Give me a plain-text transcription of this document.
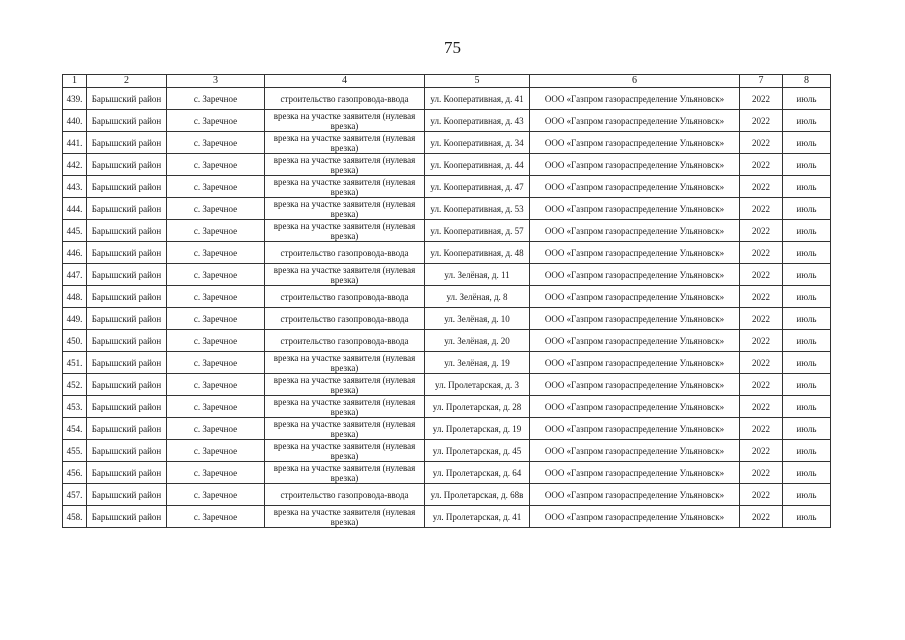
75
1	2	3	4	5	6	7	8
439.	Барышский район	с. Заречное	строительство газопровода-ввода	ул. Кооперативная, д. 41	ООО «Газпром газораспределение Ульяновск»	2022	июль
440.	Барышский район	с. Заречное	врезка на участке заявителя (нулевая врезка)	ул. Кооперативная, д. 43	ООО «Газпром газораспределение Ульяновск»	2022	июль
441.	Барышский район	с. Заречное	врезка на участке заявителя (нулевая врезка)	ул. Кооперативная, д. 34	ООО «Газпром газораспределение Ульяновск»	2022	июль
442.	Барышский район	с. Заречное	врезка на участке заявителя (нулевая врезка)	ул. Кооперативная, д. 44	ООО «Газпром газораспределение Ульяновск»	2022	июль
443.	Барышский район	с. Заречное	врезка на участке заявителя (нулевая врезка)	ул. Кооперативная, д. 47	ООО «Газпром газораспределение Ульяновск»	2022	июль
444.	Барышский район	с. Заречное	врезка на участке заявителя (нулевая врезка)	ул. Кооперативная, д. 53	ООО «Газпром газораспределение Ульяновск»	2022	июль
445.	Барышский район	с. Заречное	врезка на участке заявителя (нулевая врезка)	ул. Кооперативная, д. 57	ООО «Газпром газораспределение Ульяновск»	2022	июль
446.	Барышский район	с. Заречное	строительство газопровода-ввода	ул. Кооперативная, д. 48	ООО «Газпром газораспределение Ульяновск»	2022	июль
447.	Барышский район	с. Заречное	врезка на участке заявителя (нулевая врезка)	ул. Зелёная, д. 11	ООО «Газпром газораспределение Ульяновск»	2022	июль
448.	Барышский район	с. Заречное	строительство газопровода-ввода	ул. Зелёная, д. 8	ООО «Газпром газораспределение Ульяновск»	2022	июль
449.	Барышский район	с. Заречное	строительство газопровода-ввода	ул. Зелёная, д. 10	ООО «Газпром газораспределение Ульяновск»	2022	июль
450.	Барышский район	с. Заречное	строительство газопровода-ввода	ул. Зелёная, д. 20	ООО «Газпром газораспределение Ульяновск»	2022	июль
451.	Барышский район	с. Заречное	врезка на участке заявителя (нулевая врезка)	ул. Зелёная, д. 19	ООО «Газпром газораспределение Ульяновск»	2022	июль
452.	Барышский район	с. Заречное	врезка на участке заявителя (нулевая врезка)	ул. Пролетарская, д. 3	ООО «Газпром газораспределение Ульяновск»	2022	июль
453.	Барышский район	с. Заречное	врезка на участке заявителя (нулевая врезка)	ул. Пролетарская, д. 28	ООО «Газпром газораспределение Ульяновск»	2022	июль
454.	Барышский район	с. Заречное	врезка на участке заявителя (нулевая врезка)	ул. Пролетарская, д. 19	ООО «Газпром газораспределение Ульяновск»	2022	июль
455.	Барышский район	с. Заречное	врезка на участке заявителя (нулевая врезка)	ул. Пролетарская, д. 45	ООО «Газпром газораспределение Ульяновск»	2022	июль
456.	Барышский район	с. Заречное	врезка на участке заявителя (нулевая врезка)	ул. Пролетарская, д. 64	ООО «Газпром газораспределение Ульяновск»	2022	июль
457.	Барышский район	с. Заречное	строительство газопровода-ввода	ул. Пролетарская, д. 68в	ООО «Газпром газораспределение Ульяновск»	2022	июль
458.	Барышский район	с. Заречное	врезка на участке заявителя (нулевая врезка)	ул. Пролетарская, д. 41	ООО «Газпром газораспределение Ульяновск»	2022	июль
